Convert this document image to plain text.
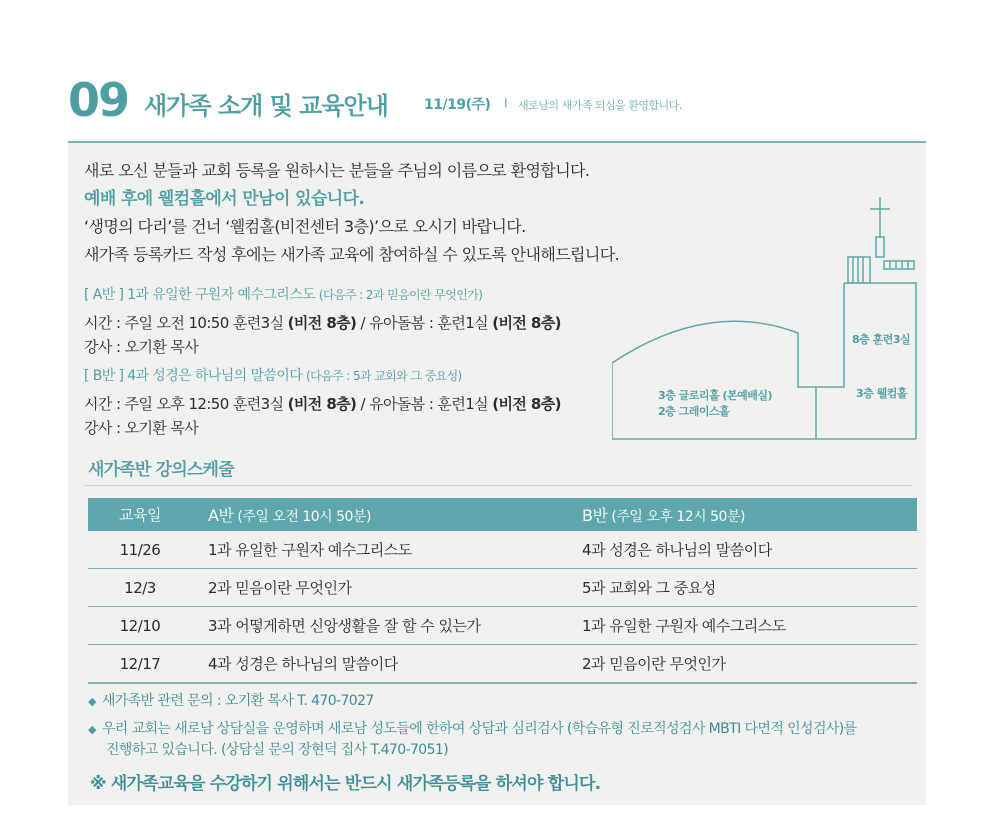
09 새가족 소개 및 교육안내	11/19(주) I 새로남의 새가족 되심을 환영합니다.
새로 오신 분들과 교회 등록을 원하시는 분들을 주님의 이름으로 환영합니다.
예배 후에 웰컴홀에서 만남이 있습니다.
‘생명의 다리’를 건너 ‘웰컴홀(비전센터 3층)’으로 오시기 바랍니다.
새가족 등록카드 작성 후에는 새가족 교육에 참여하실 수 있도록 안내해드립니다.
[ A반 ] 1과 유일한 구원자 예수그리스도 (다음주 : 2과 믿음이란 무엇인가)
시간 : 주일 오전 10:50 훈련3실 (비전 8층) / 유아돌봄 : 훈련1실 (비전 8층)
강사 : 오기환 목사
[ B반 ] 4과 성경은 하나님의 말씀이다 (다음주 : 5과 교회와 그 중요성)
시간 : 주일 오후 12:50 훈련3실 (비전 8층) / 유아돌봄 : 훈련1실 (비전 8층)
강사 : 오기환 목사
8층 훈련3실
3층 웰컴홀
3층 글로리홀 (본예배실)
2층 그레이스홀
새가족반 강의스케줄
교육일	A반 (주일 오전 10시 50분)	B반 (주일 오후 12시 50분)
11/26	1과 유일한 구원자 예수그리스도	4과 성경은 하나님의 말씀이다
12/3	2과 믿음이란 무엇인가	5과 교회와 그 중요성
12/10	3과 어떻게하면 신앙생활을 잘 할 수 있는가	1과 유일한 구원자 예수그리스도
12/17	4과 성경은 하나님의 말씀이다	2과 믿음이란 무엇인가
◆ 새가족반 관련 문의 : 오기환 목사 T. 470-7027
◆ 우리 교회는 새로남 상담실을 운영하며 새로남 성도들에 한하여 상담과 심리검사 (학습유형 진로적성검사 MBTI 다면적 인성검사)를
진행하고 있습니다. (상담실 문의 장현덕 집사 T.470-7051)
※ 새가족교육을 수강하기 위해서는 반드시 새가족등록을 하셔야 합니다.
